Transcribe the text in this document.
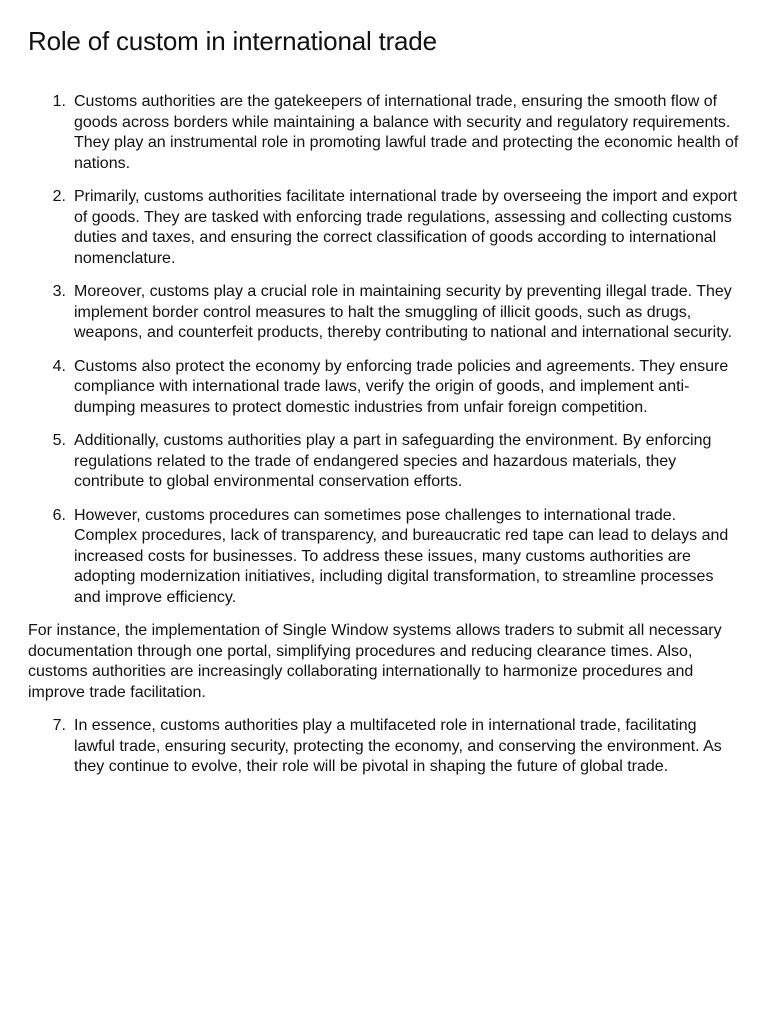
Role of custom in international trade
1. Customs authorities are the gatekeepers of international trade, ensuring the smooth flow of goods across borders while maintaining a balance with security and regulatory requirements. They play an instrumental role in promoting lawful trade and protecting the economic health of nations.
2. Primarily, customs authorities facilitate international trade by overseeing the import and export of goods. They are tasked with enforcing trade regulations, assessing and collecting customs duties and taxes, and ensuring the correct classification of goods according to international nomenclature.
3. Moreover, customs play a crucial role in maintaining security by preventing illegal trade. They implement border control measures to halt the smuggling of illicit goods, such as drugs, weapons, and counterfeit products, thereby contributing to national and international security.
4. Customs also protect the economy by enforcing trade policies and agreements. They ensure compliance with international trade laws, verify the origin of goods, and implement anti-dumping measures to protect domestic industries from unfair foreign competition.
5. Additionally, customs authorities play a part in safeguarding the environment. By enforcing regulations related to the trade of endangered species and hazardous materials, they contribute to global environmental conservation efforts.
6. However, customs procedures can sometimes pose challenges to international trade. Complex procedures, lack of transparency, and bureaucratic red tape can lead to delays and increased costs for businesses. To address these issues, many customs authorities are adopting modernization initiatives, including digital transformation, to streamline processes and improve efficiency.

For instance, the implementation of Single Window systems allows traders to submit all necessary documentation through one portal, simplifying procedures and reducing clearance times. Also, customs authorities are increasingly collaborating internationally to harmonize procedures and improve trade facilitation.

7. In essence, customs authorities play a multifaceted role in international trade, facilitating lawful trade, ensuring security, protecting the economy, and conserving the environment. As they continue to evolve, their role will be pivotal in shaping the future of global trade.
